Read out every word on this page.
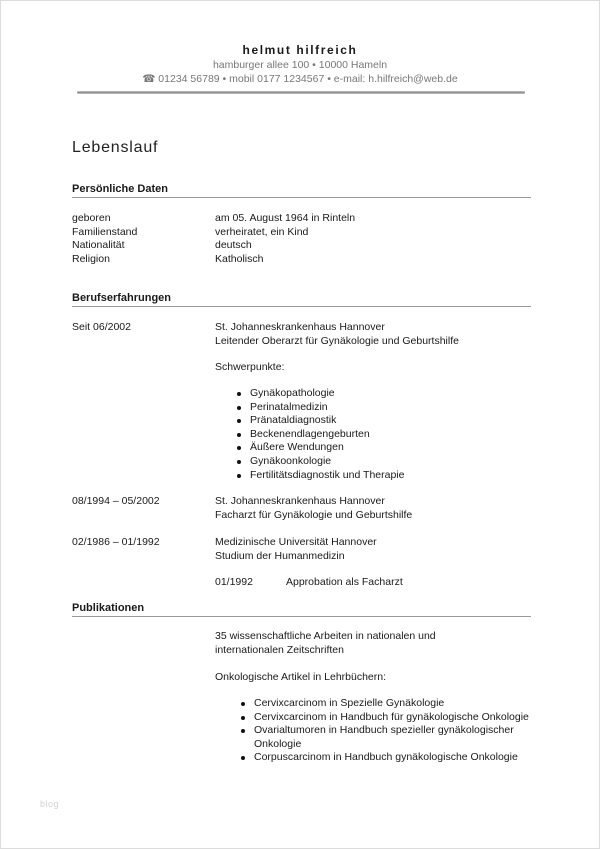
helmut hilfreich
hamburger allee 100 • 10000 Hameln
☎ 01234 56789 • mobil 0177 1234567 • e-mail: h.hilfreich@web.de
Lebenslauf
Persönliche Daten
geboren	am 05. August 1964 in Rinteln
Familienstand	verheiratet, ein Kind
Nationalität	deutsch
Religion	Katholisch
Berufserfahrungen
Seit 06/2002	St. Johanneskrankenhaus Hannover
Leitender Oberarzt für Gynäkologie und Geburtshilfe
Schwerpunkte:
Gynäkopathologie
Perinatalmedizin
Pränataldiagnostik
Beckenendlagengeburten
Äußere Wendungen
Gynäkoonkologie
Fertilitätsdiagnostik und Therapie
08/1994 – 05/2002	St. Johanneskrankenhaus Hannover
Facharzt für Gynäkologie und Geburtshilfe
02/1986 – 01/1992	Medizinische Universität Hannover
Studium der Humanmedizin
01/1992	Approbation als Facharzt
Publikationen
35 wissenschaftliche Arbeiten in nationalen und
internationalen Zeitschriften
Onkologische Artikel in Lehrbüchern:
Cervixcarcinom in Spezielle Gynäkologie
Cervixcarcinom in Handbuch für gynäkologische Onkologie
Ovarialtumoren in Handbuch spezieller gynäkologischer Onkologie
Corpuscarcinom in Handbuch gynäkologische Onkologie
blog
